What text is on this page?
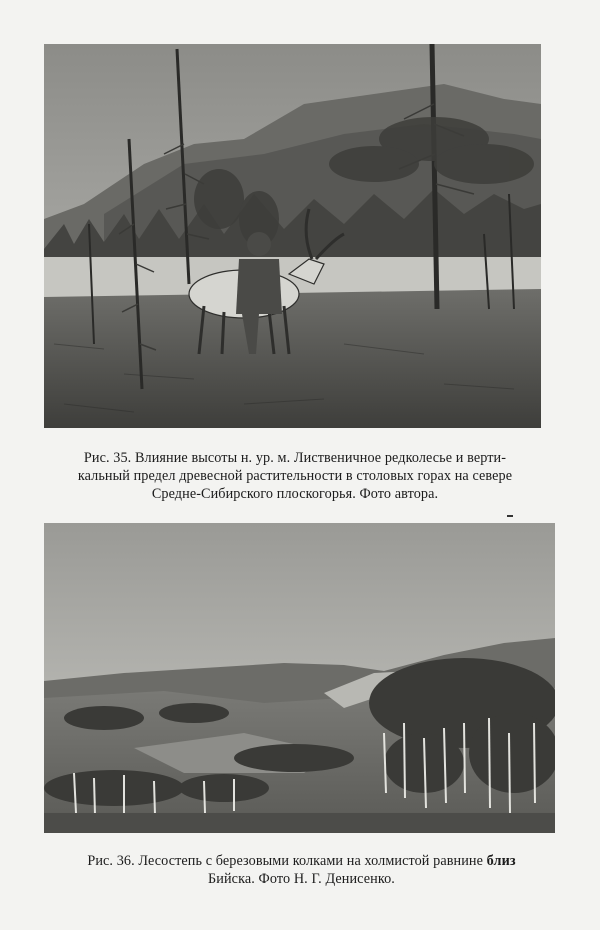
Рис. 35. Влияние высоты н. ур. м. Лиственичное редколесье и верти-
кальный предел древесной растительности в столовых горах на севере
Средне-Сибирского плоскогорья. Фото автора.
Рис. 36. Лесостепь с березовыми колками на холмистой равнине близ
Бийска. Фото Н. Г. Денисенко.
